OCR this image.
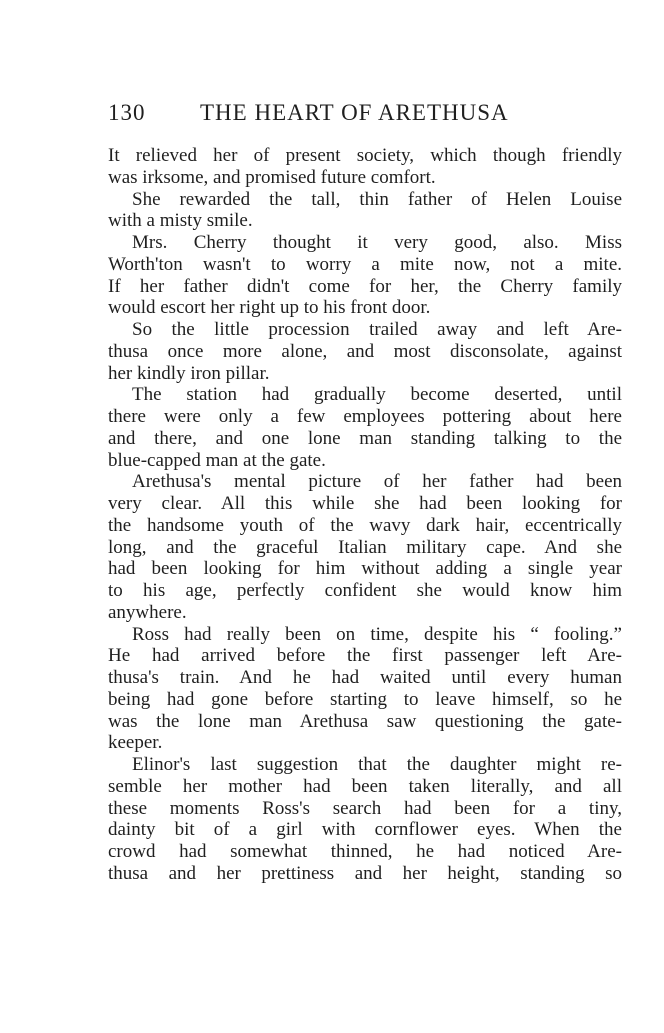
130 THE HEART OF ARETHUSA
It relieved her of present society, which though friendly
was irksome, and promised future comfort.
She rewarded the tall, thin father of Helen Louise
with a misty smile.
Mrs. Cherry thought it very good, also. Miss
Worth'ton wasn't to worry a mite now, not a mite.
If her father didn't come for her, the Cherry family
would escort her right up to his front door.
So the little procession trailed away and left Are-
thusa once more alone, and most disconsolate, against
her kindly iron pillar.
The station had gradually become deserted, until
there were only a few employees pottering about here
and there, and one lone man standing talking to the
blue-capped man at the gate.
Arethusa's mental picture of her father had been
very clear. All this while she had been looking for
the handsome youth of the wavy dark hair, eccentrically
long, and the graceful Italian military cape. And she
had been looking for him without adding a single year
to his age, perfectly confident she would know him
anywhere.
Ross had really been on time, despite his “ fooling.”
He had arrived before the first passenger left Are-
thusa's train. And he had waited until every human
being had gone before starting to leave himself, so he
was the lone man Arethusa saw questioning the gate-
keeper.
Elinor's last suggestion that the daughter might re-
semble her mother had been taken literally, and all
these moments Ross's search had been for a tiny,
dainty bit of a girl with cornflower eyes. When the
crowd had somewhat thinned, he had noticed Are-
thusa and her prettiness and her height, standing so
